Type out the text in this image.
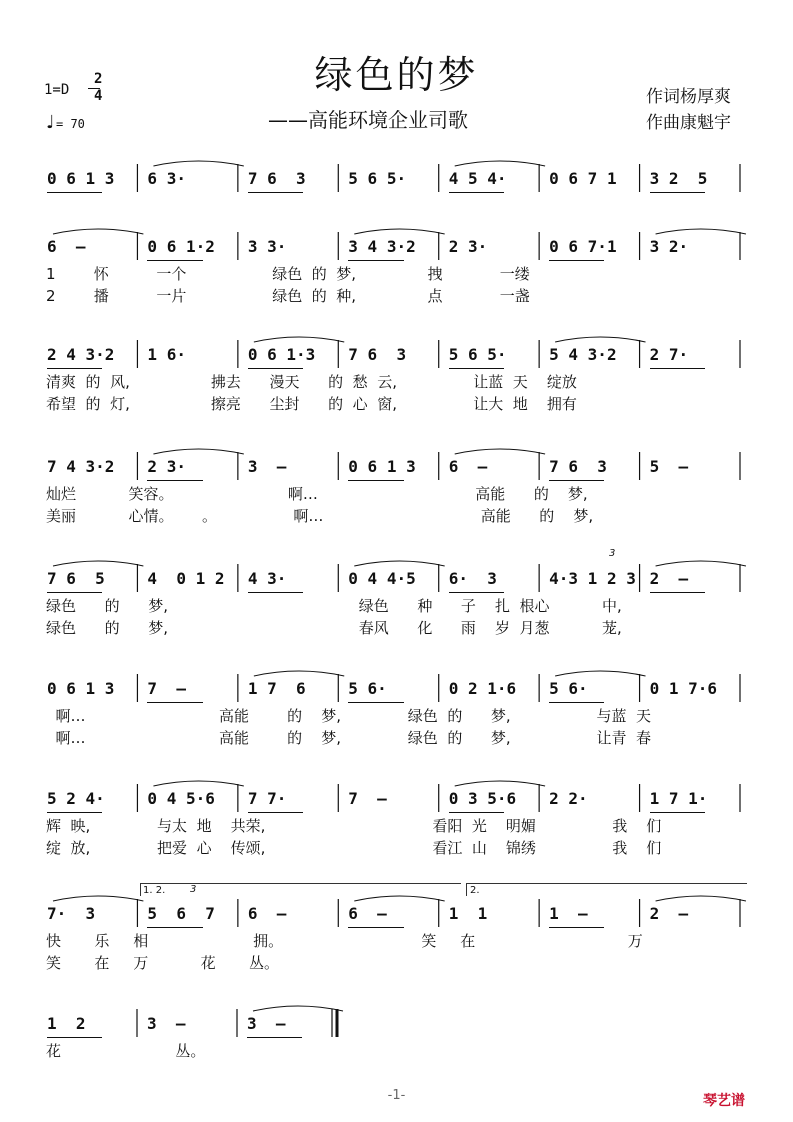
绿色的梦
——高能环境企业司歌
作词杨厚爽
作曲康魁宇
1=D
2
4
♩ = 70
0 6 1 3 6 3·	7 6  3	5 6 5·	4 5 4·	0 6 7 1 3 2  5
6  –	0 6 1·2 3 3·	3 4 3·2 2 3·	0 6 7·1 3 2·
1        怀          一个                  绿色  的  梦,               拽            一缕
2        播          一片                  绿色  的  种,               点            一盏
2 4 3·2 1 6·	0 6 1·3 7 6  3	5 6 5·	5 4 3·2 2 7·
清爽  的  风,                 拂去      漫天      的  愁  云,                让蓝  天    绽放
希望  的  灯,                 擦亮      尘封      的  心  窗,                让大  地    拥有
7 4 3·2 2 3·	3  –	0 6 1 3 6  –	7 6  3	5  –
灿烂           笑容。                        啊…                                 高能      的    梦,
美丽           心情。      。                啊…                                 高能      的    梦,
7 6  5	4  0 1 2 4 3·	0 4 4·5 6·  3	4·3 1 2 3 2  –
绿色      的      梦,                                        绿色      种      子    扎  根心           中,
绿色      的      梦,                                        春风      化      雨    岁  月葱           茏,
0 6 1 3 7  –	1 7  6	5 6·	0 2 1·6 5 6·	0 1 7·6
啊…                            高能        的    梦,              绿色  的      梦,                  与蓝  天
啊…                            高能        的    梦,              绿色  的      梦,                  让青  春
5 2 4·	0 4 5·6 7 7·	7  –	0 3 5·6 2 2·	1 7 1·
辉  映,              与太  地    共荣,                                   看阳  光    明媚                我    们
绽  放,              把爱  心    传颂,                                   看江  山    锦绣                我    们
7·  3	5  6  7 6  –	6  –	1  1	1  –	2  –
快       乐     相                      拥。                             笑     在                                万
笑       在     万           花       丛。
1  2	3  –	3  –
花                        丛。
1. 2.	2.
3
3
-1-	琴艺谱
